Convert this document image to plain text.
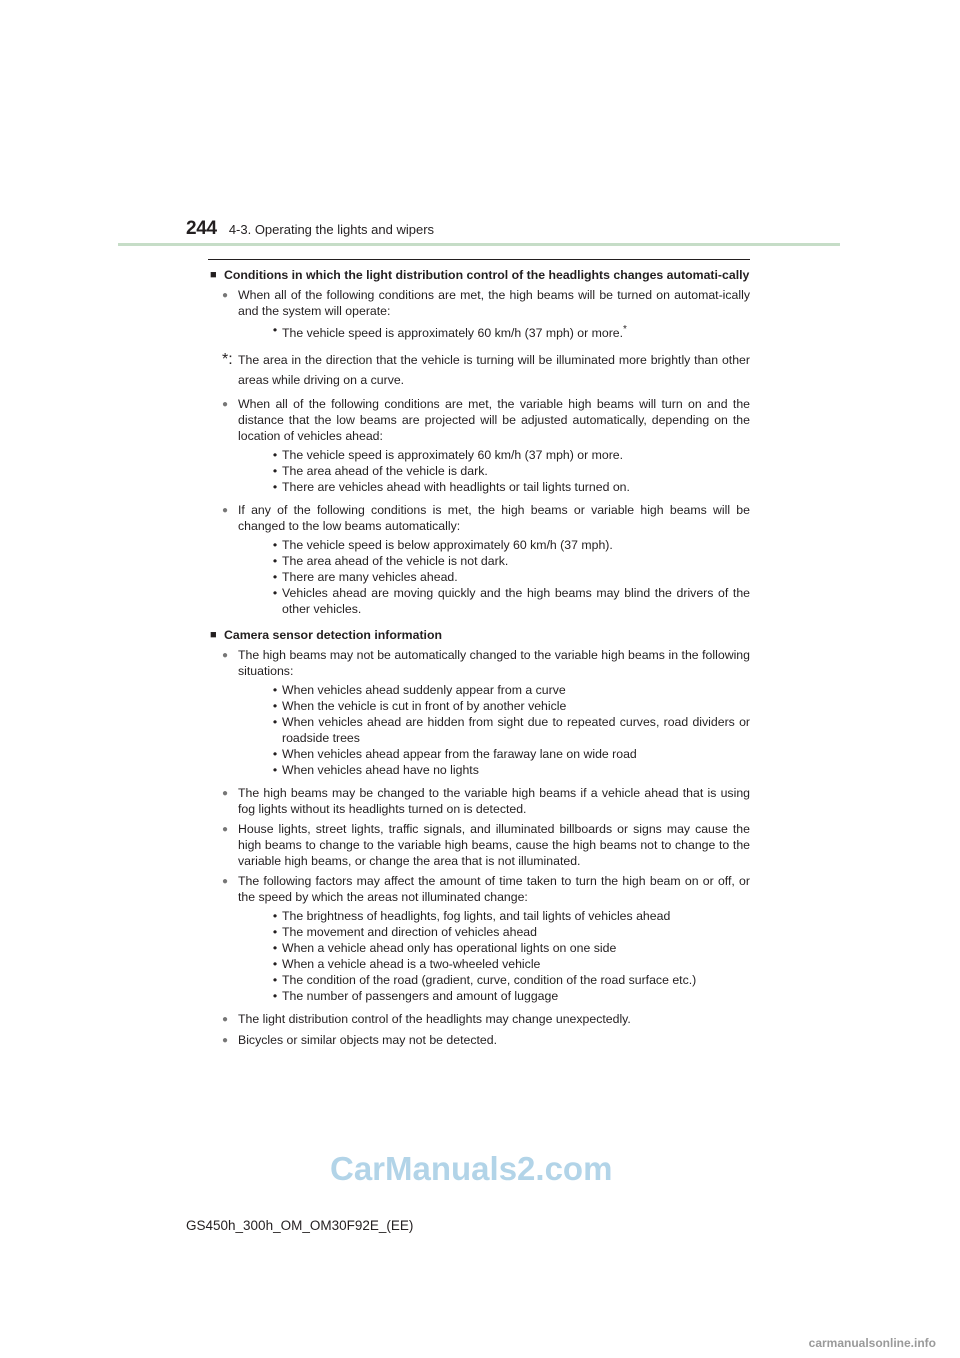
244 4-3. Operating the lights and wipers
■ Conditions in which the light distribution control of the headlights changes automati-cally
● When all of the following conditions are met, the high beams will be turned on automat-ically and the system will operate:
• The vehicle speed is approximately 60 km/h (37 mph) or more.*
*: The area in the direction that the vehicle is turning will be illuminated more brightly than other areas while driving on a curve.
● When all of the following conditions are met, the variable high beams will turn on and the distance that the low beams are projected will be adjusted automatically, depending on the location of vehicles ahead:
• The vehicle speed is approximately 60 km/h (37 mph) or more.
• The area ahead of the vehicle is dark.
• There are vehicles ahead with headlights or tail lights turned on.
● If any of the following conditions is met, the high beams or variable high beams will be changed to the low beams automatically:
• The vehicle speed is below approximately 60 km/h (37 mph).
• The area ahead of the vehicle is not dark.
• There are many vehicles ahead.
• Vehicles ahead are moving quickly and the high beams may blind the drivers of the other vehicles.
■ Camera sensor detection information
● The high beams may not be automatically changed to the variable high beams in the following situations:
• When vehicles ahead suddenly appear from a curve
• When the vehicle is cut in front of by another vehicle
• When vehicles ahead are hidden from sight due to repeated curves, road dividers or roadside trees
• When vehicles ahead appear from the faraway lane on wide road
• When vehicles ahead have no lights
● The high beams may be changed to the variable high beams if a vehicle ahead that is using fog lights without its headlights turned on is detected.
● House lights, street lights, traffic signals, and illuminated billboards or signs may cause the high beams to change to the variable high beams, cause the high beams not to change to the variable high beams, or change the area that is not illuminated.
● The following factors may affect the amount of time taken to turn the high beam on or off, or the speed by which the areas not illuminated change:
• The brightness of headlights, fog lights, and tail lights of vehicles ahead
• The movement and direction of vehicles ahead
• When a vehicle ahead only has operational lights on one side
• When a vehicle ahead is a two-wheeled vehicle
• The condition of the road (gradient, curve, condition of the road surface etc.)
• The number of passengers and amount of luggage
● The light distribution control of the headlights may change unexpectedly.
● Bicycles or similar objects may not be detected.
CarManuals2.com
GS450h_300h_OM_OM30F92E_(EE)
carmanualsonline.info
